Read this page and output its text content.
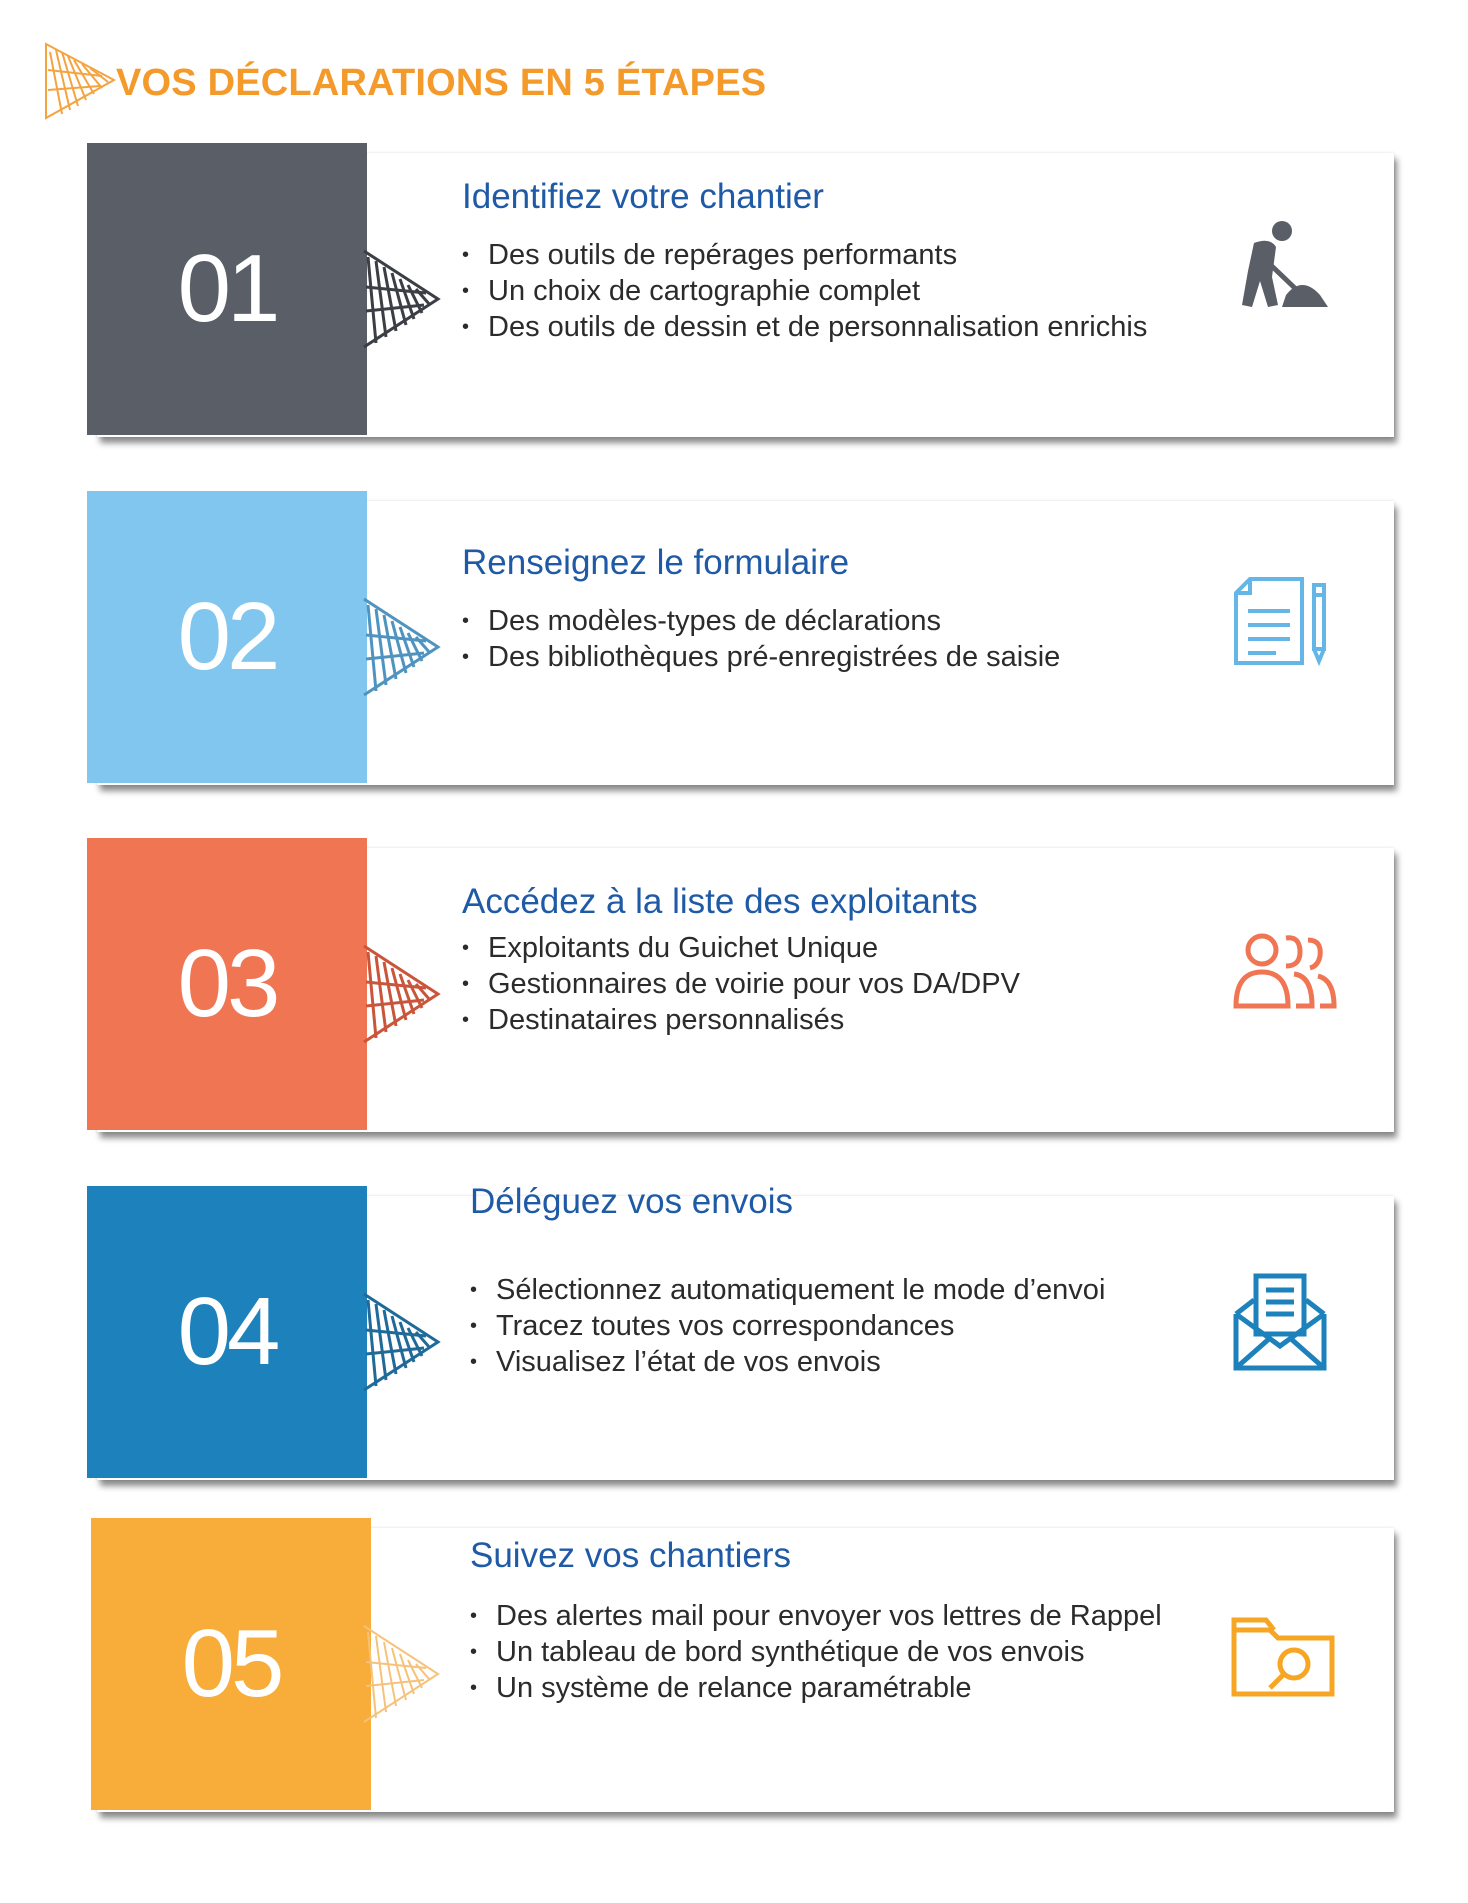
VOS DÉCLARATIONS EN 5 ÉTAPES
01
Identifiez votre chantier
• Des outils de repérages performants
• Un choix de cartographie complet
• Des outils de dessin et de personnalisation enrichis
02
Renseignez le formulaire
• Des modèles-types de déclarations
• Des bibliothèques pré-enregistrées de saisie
03
Accédez à la liste des exploitants
• Exploitants du Guichet Unique
• Gestionnaires de voirie pour vos DA/DPV
• Destinataires personnalisés
04
Déléguez vos envois
• Sélectionnez automatiquement le mode d’envoi
• Tracez toutes vos correspondances
• Visualisez l’état de vos envois
05
Suivez vos chantiers
• Des alertes mail pour envoyer vos lettres de Rappel
• Un tableau de bord synthétique de vos envois
• Un système de relance paramétrable
